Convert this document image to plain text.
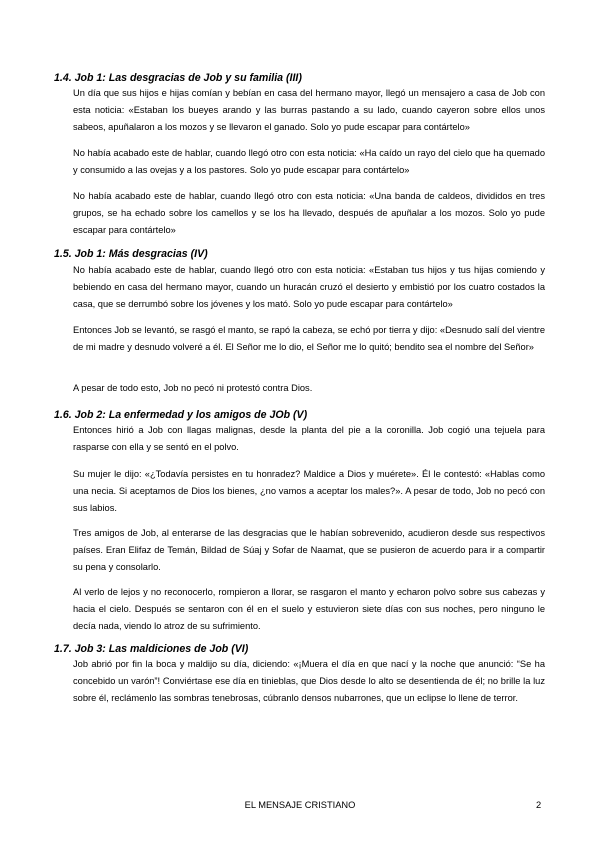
1.4. Job 1: Las desgracias de Job y su familia (III)

Un día que sus hijos e hijas comían y bebían en casa del hermano mayor, llegó un mensajero a casa de Job con esta noticia: «Estaban los bueyes arando y las burras pastando a su lado, cuando cayeron sobre ellos unos sabeos, apuñalaron a los mozos y se llevaron el ganado. Solo yo pude escapar para contártelo»

No había acabado este de hablar, cuando llegó otro con esta noticia: «Ha caído un rayo del cielo que ha quemado y consumido a las ovejas y a los pastores. Solo yo pude escapar para contártelo»

No había acabado este de hablar, cuando llegó otro con esta noticia: «Una banda de caldeos, divididos en tres grupos, se ha echado sobre los camellos y se los ha llevado, después de apuñalar a los mozos. Solo yo pude escapar para contártelo»

1.5. Job 1: Más desgracias (IV)

No había acabado este de hablar, cuando llegó otro con esta noticia: «Estaban tus hijos y tus hijas comiendo y bebiendo en casa del hermano mayor, cuando un huracán cruzó el desierto y embistió por los cuatro costados la casa, que se derrumbó sobre los jóvenes y los mató. Solo yo pude escapar para contártelo»

Entonces Job se levantó, se rasgó el manto, se rapó la cabeza, se echó por tierra y dijo: «Desnudo salí del vientre de mi madre y desnudo volveré a él. El Señor me lo dio, el Señor me lo quitó; bendito sea el nombre del Señor»

A pesar de todo esto, Job no pecó ni protestó contra Dios.

1.6. Job 2: La enfermedad y los amigos de JOb (V)

Entonces hirió a Job con llagas malignas, desde la planta del pie a la coronilla. Job cogió una tejuela para rasparse con ella y se sentó en el polvo.

Su mujer le dijo: «¿Todavía persistes en tu honradez? Maldice a Dios y muérete». Él le contestó: «Hablas como una necia. Si aceptamos de Dios los bienes, ¿no vamos a aceptar los males?». A pesar de todo, Job no pecó con sus labios.

Tres amigos de Job, al enterarse de las desgracias que le habían sobrevenido, acudieron desde sus respectivos países. Eran Elifaz de Temán, Bildad de Súaj y Sofar de Naamat, que se pusieron de acuerdo para ir a compartir su pena y consolarlo.

Al verlo de lejos y no reconocerlo, rompieron a llorar, se rasgaron el manto y echaron polvo sobre sus cabezas y hacia el cielo. Después se sentaron con él en el suelo y estuvieron siete días con sus noches, pero ninguno le decía nada, viendo lo atroz de su sufrimiento.

1.7. Job 3: Las maldiciones de Job (VI)

Job abrió por fin la boca y maldijo su día, diciendo: «¡Muera el día en que nací y la noche que anunció: “Se ha concebido un varón”! Conviértase ese día en tinieblas, que Dios desde lo alto se desentienda de él; no brille la luz sobre él, reclámenlo las sombras tenebrosas, cúbranlo densos nubarrones, que un eclipse lo llene de terror.

EL MENSAJE CRISTIANO	2
